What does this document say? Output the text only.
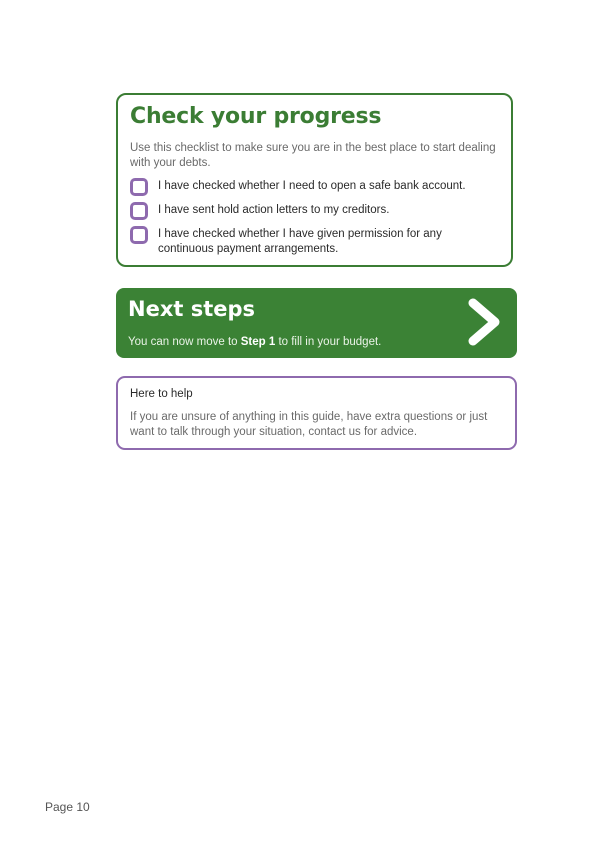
Check your progress

Use this checklist to make sure you are in the best place to start dealing with your debts.

I have checked whether I need to open a safe bank account.
I have sent hold action letters to my creditors.
I have checked whether I have given permission for any continuous payment arrangements.
Next steps

You can now move to Step 1 to fill in your budget.

Here to help

If you are unsure of anything in this guide, have extra questions or just want to talk through your situation, contact us for advice.

Page 10
